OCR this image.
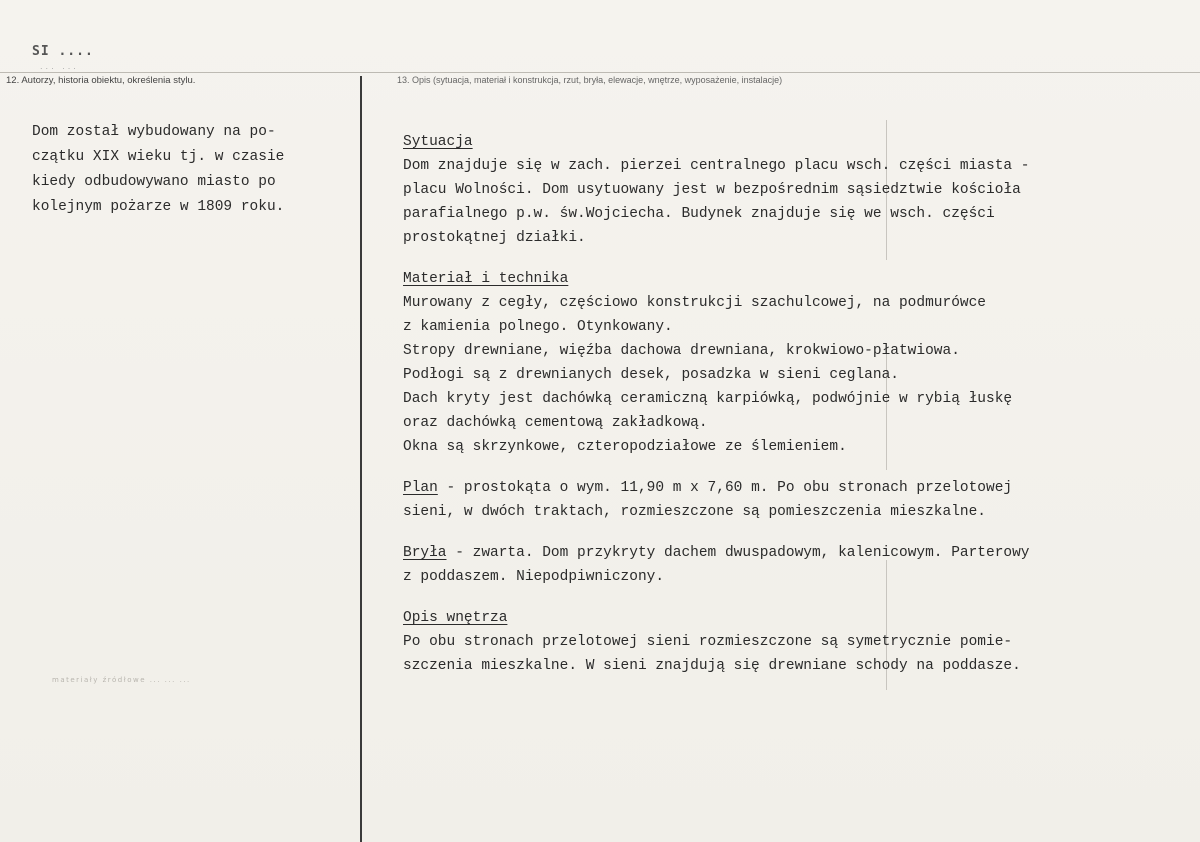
SI ....
... ...
12. Autorzy, historia obiektu, określenia stylu.	13. Opis (sytuacja, materiał i konstrukcja, rzut, bryła, elewacje, wnętrze, wyposażenie, instalacje)

Dom został wybudowany na po-

czątku XIX wieku tj. w czasie

kiedy odbudowywano miasto po

kolejnym pożarze w 1809 roku.

materiały źródłowe ... ... ...

Sytuacja

Dom znajduje się w zach. pierzei centralnego placu wsch. części miasta -

placu Wolności. Dom usytuowany jest w bezpośrednim sąsiedztwie kościoła

parafialnego p.w. św.Wojciecha. Budynek znajduje się we wsch. części

prostokątnej działki.

Materiał i technika

Murowany z cegły, częściowo konstrukcji szachulcowej, na podmurówce

z kamienia polnego. Otynkowany.

Stropy drewniane, więźba dachowa drewniana, krokwiowo-płatwiowa.

Podłogi są z drewnianych desek, posadzka w sieni ceglana.

Dach kryty jest dachówką ceramiczną karpiówką, podwójnie w rybią łuskę

oraz dachówką cementową zakładkową.

Okna są skrzynkowe, czteropodziałowe ze ślemieniem.

Plan - prostokąta o wym. 11,90 m x 7,60 m. Po obu stronach przelotowej

sieni, w dwóch traktach, rozmieszczone są pomieszczenia mieszkalne.

Bryła - zwarta. Dom przykryty dachem dwuspadowym, kalenicowym. Parterowy

z poddaszem. Niepodpiwniczony.

Opis wnętrza

Po obu stronach przelotowej sieni rozmieszczone są symetrycznie pomie-

szczenia mieszkalne. W sieni znajdują się drewniane schody na poddasze.
